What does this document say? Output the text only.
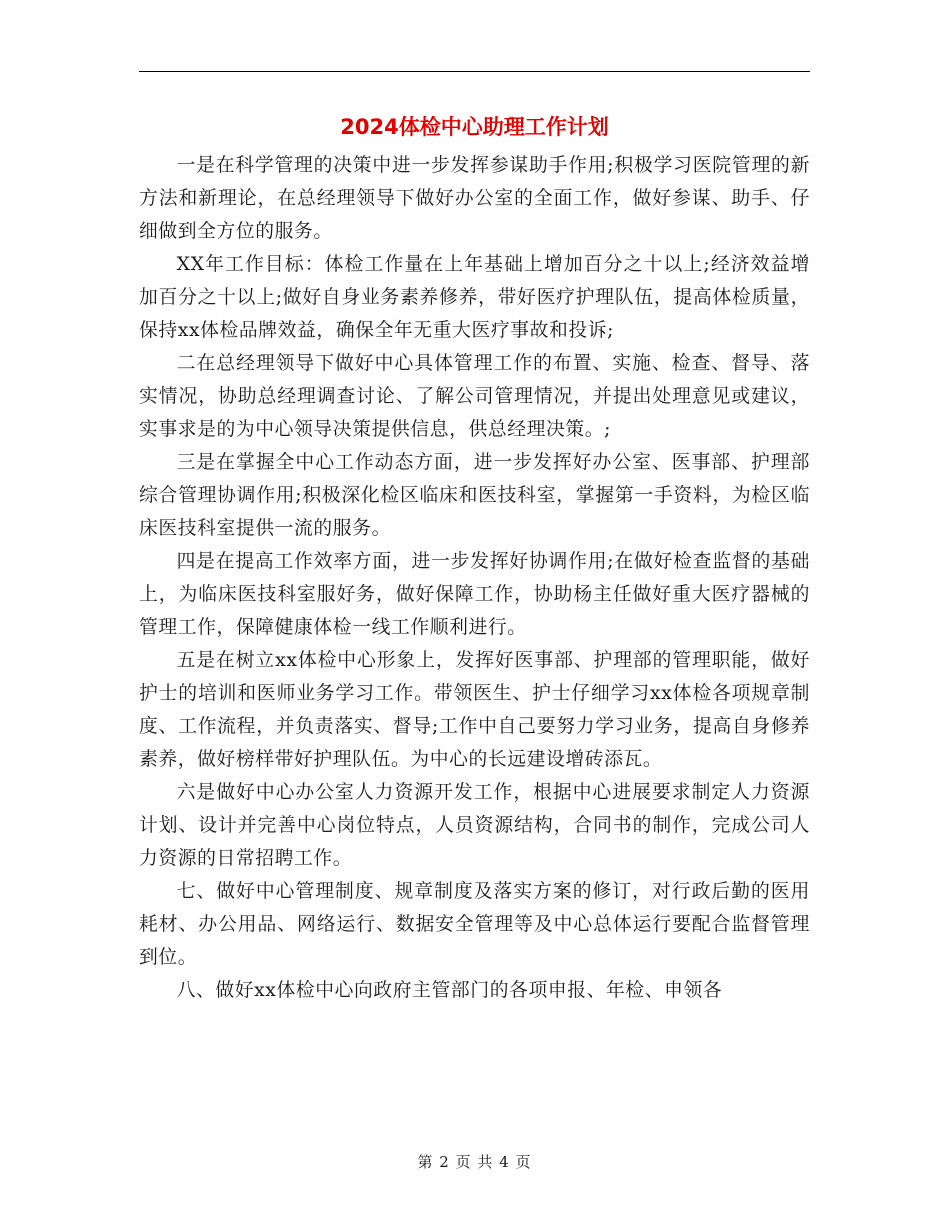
2024体检中心助理工作计划

一是在科学管理的决策中进一步发挥参谋助手作用;积极学习医院管理的新方法和新理论，在总经理领导下做好办公室的全面工作，做好参谋、助手、仔细做到全方位的服务。

XX年工作目标：体检工作量在上年基础上增加百分之十以上;经济效益增加百分之十以上;做好自身业务素养修养，带好医疗护理队伍，提高体检质量，保持xx体检品牌效益，确保全年无重大医疗事故和投诉;

二在总经理领导下做好中心具体管理工作的布置、实施、检查、督导、落实情况，协助总经理调查讨论、了解公司管理情况，并提出处理意见或建议，实事求是的为中心领导决策提供信息，供总经理决策。;

三是在掌握全中心工作动态方面，进一步发挥好办公室、医事部、护理部综合管理协调作用;积极深化检区临床和医技科室，掌握第一手资料，为检区临床医技科室提供一流的服务。

四是在提高工作效率方面，进一步发挥好协调作用;在做好检查监督的基础上，为临床医技科室服好务，做好保障工作，协助杨主任做好重大医疗器械的管理工作，保障健康体检一线工作顺利进行。

五是在树立xx体检中心形象上，发挥好医事部、护理部的管理职能，做好护士的培训和医师业务学习工作。带领医生、护士仔细学习xx体检各项规章制度、工作流程，并负责落实、督导;工作中自己要努力学习业务，提高自身修养素养，做好榜样带好护理队伍。为中心的长远建设增砖添瓦。

六是做好中心办公室人力资源开发工作，根据中心进展要求制定人力资源计划、设计并完善中心岗位特点，人员资源结构，合同书的制作，完成公司人力资源的日常招聘工作。

七、做好中心管理制度、规章制度及落实方案的修订，对行政后勤的医用耗材、办公用品、网络运行、数据安全管理等及中心总体运行要配合监督管理到位。

八、做好xx体检中心向政府主管部门的各项申报、年检、申领各

第 2 页 共 4 页
